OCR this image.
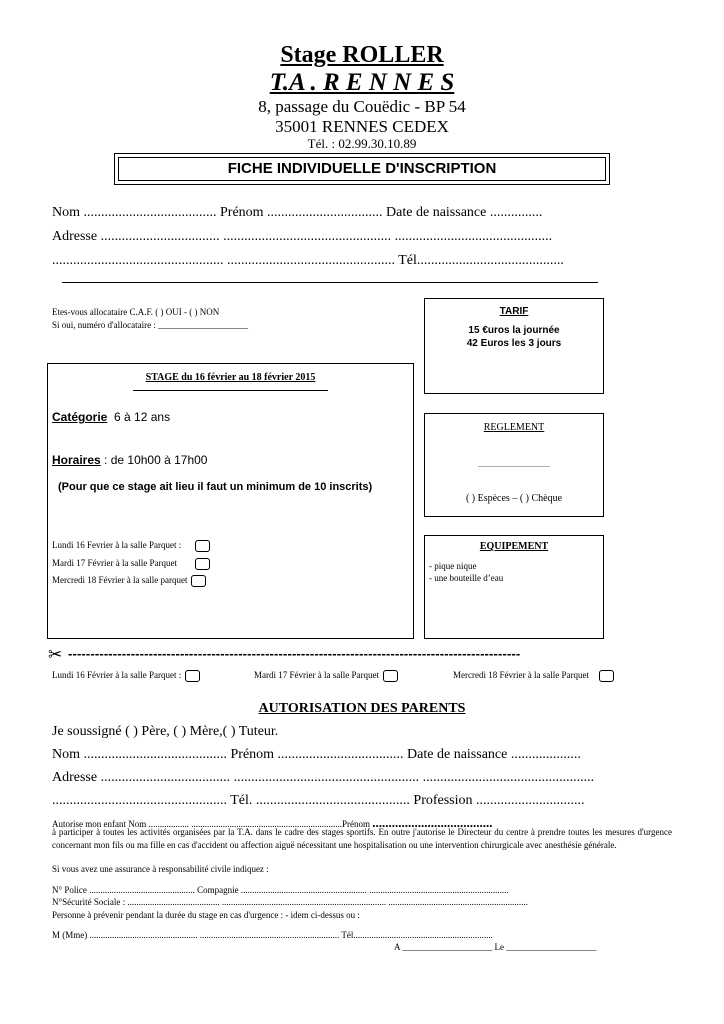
Stage ROLLER
T.A . R E N N E S
8, passage du Couëdic - BP 54
35001 RENNES CEDEX
Tél. : 02.99.30.10.89
FICHE INDIVIDUELLE D'INSCRIPTION
Nom ...................................... Prénom ................................. Date de naissance ...............
Adresse .................................. ................................................ .............................................
................................................. ................................................ Tél..........................................
Etes-vous allocataire C.A.F. ( ) OUI - ( ) NON
Si oui, numéro d'allocataire : ____________________
TARIF
15 €uros la journée
42 Euros les 3 jours
STAGE du 16 février au 18 février 2015
Catégorie 6 à 12 ans
Horaires : de 10h00 à 17h00
(Pour que ce stage ait lieu il faut un minimum de 10 inscrits)
Lundi 16 Fevrier à la salle Parquet :
Mardi 17 Février à la salle Parquet
Mercredi 18 Février à la salle parquet
REGLEMENT
________________
( ) Espèces – ( ) Chèque
EQUIPEMENT
- pique nique
- une bouteille d’eau
✂ -----------------------------------------------------------------------------------------------------
Lundi 16 Février à la salle Parquet :	Mardi 17 Février à la salle Parquet	Mercredi 18 Février à la salle Parquet
AUTORISATION DES PARENTS
Je soussigné ( ) Père, ( ) Mère,( ) Tuteur.
Nom ......................................... Prénom .................................... Date de naissance ....................
Adresse ..................................... ..................................................... .................................................
.................................................. Tél. ............................................ Profession ...............................
Autorise mon enfant Nom .................. ...................................................................Prénom .....................................
à participer à toutes les activités organisées par la T.A. dans le cadre des stages sportifs. En outre j'autorise le Directeur du centre à prendre toutes les mesures d'urgence concernant mon fils ou ma fille en cas d'accident ou affection aiguë nécessitant une hospitalisation ou une intervention chirurgicale avec anesthésie générale.
Si vous avez une assurance à responsabilité civile indiquez :
N° Police ............................................... Compagnie ........................................................ ..............................................................
N°Sécurité Sociale : ......................................... ......................................................................... ..............................................................
Personne à prévenir pendant la durée du stage en cas d'urgence : - idem ci-dessus ou :
M (Mme) ................................................ .............................................................. Tél..............................................................
A ____________________ Le ____________________
